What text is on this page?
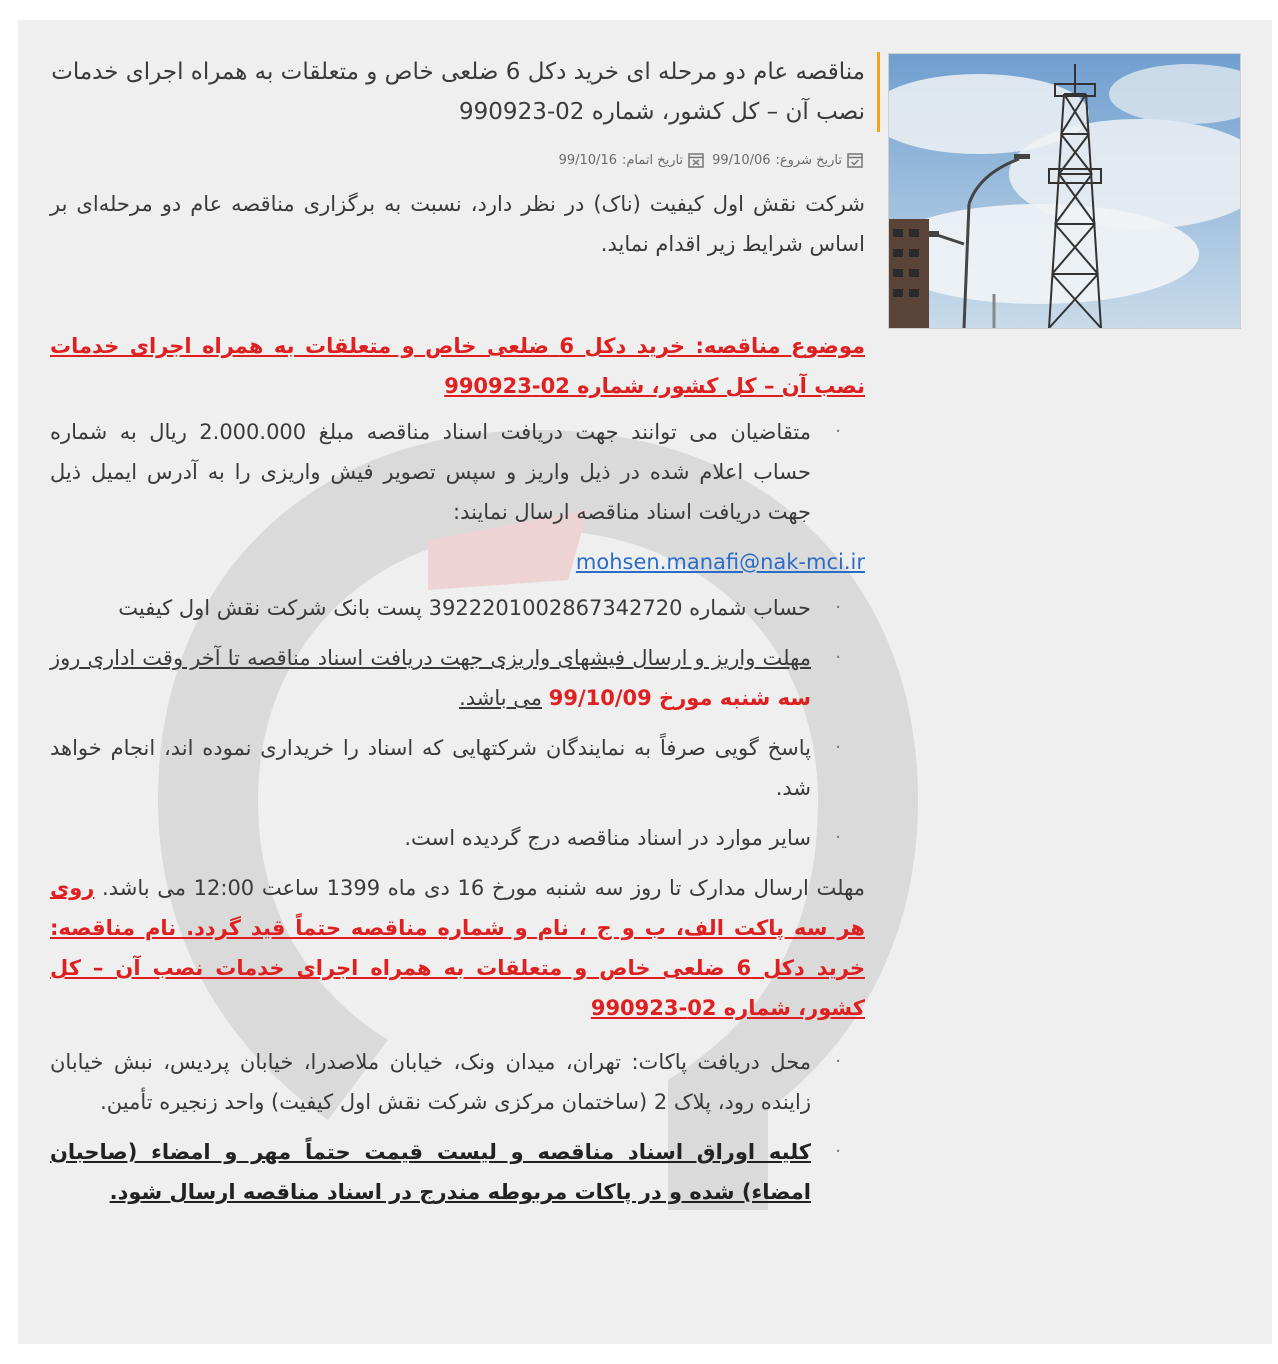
مناقصه عام دو مرحله ای خرید دکل 6 ضلعی خاص و متعلقات به همراه اجرای خدمات نصب آن – کل کشور، شماره 02-990923
تاریخ شروع:
99/10/06
تاریخ اتمام:
99/10/16

شرکت نقش اول کیفیت (ناک) در نظر دارد، نسبت به برگزاری مناقصه عام دو مرحله‌ای بر اساس شرایط زیر اقدام نماید.

موضوع مناقصه: خرید دکل 6 ضلعی خاص و متعلقات به همراه اجرای خدمات نصب آن – کل کشور، شماره 02-990923

·
متقاضیان می توانند جهت دریافت اسناد مناقصه مبلغ 2.000.000 ریال به شماره حساب اعلام شده در ذیل واریز و سپس تصویر فیش واریزی را به آدرس ایمیل ذیل جهت دریافت اسناد مناقصه ارسال نمایند:

mohsen.manafi@nak-mci.ir

·
حساب شماره 3922201002867342720 پست بانک شرکت نقش اول کیفیت
·
مهلت واریز و ارسال فیشهای واریزی جهت دریافت اسناد مناقصه تا آخر وقت اداری روز سه شنبه مورخ 99/10/09 می باشد.
·
پاسخ گویی صرفاً به نمایندگان شرکتهایی که اسناد را خریداری نموده اند، انجام خواهد شد.
·
سایر موارد در اسناد مناقصه درج گردیده است.

مهلت ارسال مدارک تا روز سه شنبه مورخ 16 دی ماه 1399 ساعت 12:00 می باشد. روی هر سه پاکت الف، ب و ج ، نام و شماره مناقصه حتماً قید گردد. نام مناقصه: خرید دکل 6 ضلعی خاص و متعلقات به همراه اجرای خدمات نصب آن – کل کشور، شماره 02-990923

·
محل دریافت پاکات: تهران، میدان ونک، خیابان ملاصدرا، خیابان پردیس، نبش خیابان زاینده رود، پلاک 2 (ساختمان مرکزی شرکت نقش اول کیفیت) واحد زنجیره تأمین.
·
کلیه اوراق اسناد مناقصه و لیست قیمت حتماً مهر و امضاء (صاحبان امضاء) شده و در پاکات مربوطه مندرج در اسناد مناقصه ارسال شود.
